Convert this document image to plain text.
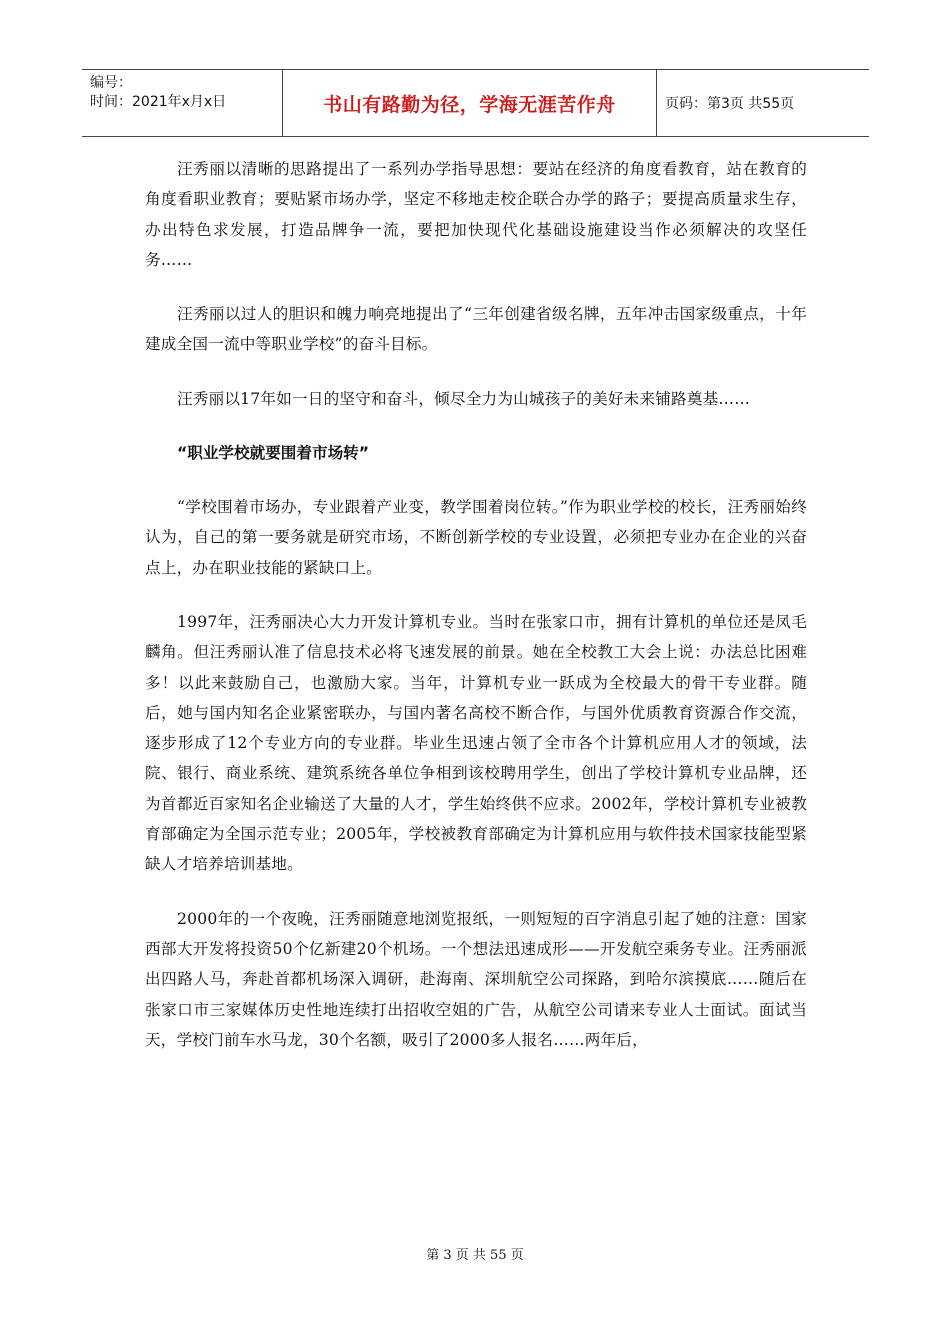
编号：
时间：2021年x月x日	书山有路勤为径，学海无涯苦作舟	页码：第3页 共55页

汪秀丽以清晰的思路提出了一系列办学指导思想：要站在经济的角度看教育，站在教育的角度看职业教育；要贴紧市场办学，坚定不移地走校企联合办学的路子；要提高质量求生存，办出特色求发展，打造品牌争一流，要把加快现代化基础设施建设当作必须解决的攻坚任务……

汪秀丽以过人的胆识和魄力响亮地提出了“三年创建省级名牌，五年冲击国家级重点，十年建成全国一流中等职业学校”的奋斗目标。

汪秀丽以17年如一日的坚守和奋斗，倾尽全力为山城孩子的美好未来铺路奠基……

“职业学校就要围着市场转”

“学校围着市场办，专业跟着产业变，教学围着岗位转。”作为职业学校的校长，汪秀丽始终认为，自己的第一要务就是研究市场，不断创新学校的专业设置，必须把专业办在企业的兴奋点上，办在职业技能的紧缺口上。

1997年，汪秀丽决心大力开发计算机专业。当时在张家口市，拥有计算机的单位还是凤毛麟角。但汪秀丽认准了信息技术必将飞速发展的前景。她在全校教工大会上说：办法总比困难多！以此来鼓励自己，也激励大家。当年，计算机专业一跃成为全校最大的骨干专业群。随后，她与国内知名企业紧密联办，与国内著名高校不断合作，与国外优质教育资源合作交流，逐步形成了12个专业方向的专业群。毕业生迅速占领了全市各个计算机应用人才的领域，法院、银行、商业系统、建筑系统各单位争相到该校聘用学生，创出了学校计算机专业品牌，还为首都近百家知名企业输送了大量的人才，学生始终供不应求。2002年，学校计算机专业被教育部确定为全国示范专业；2005年，学校被教育部确定为计算机应用与软件技术国家技能型紧缺人才培养培训基地。

2000年的一个夜晚，汪秀丽随意地浏览报纸，一则短短的百字消息引起了她的注意：国家西部大开发将投资50个亿新建20个机场。一个想法迅速成形——开发航空乘务专业。汪秀丽派出四路人马，奔赴首都机场深入调研，赴海南、深圳航空公司探路，到哈尔滨摸底……随后在张家口市三家媒体历史性地连续打出招收空姐的广告，从航空公司请来专业人士面试。面试当天，学校门前车水马龙，30个名额，吸引了2000多人报名……两年后，

第 3 页 共 55 页
